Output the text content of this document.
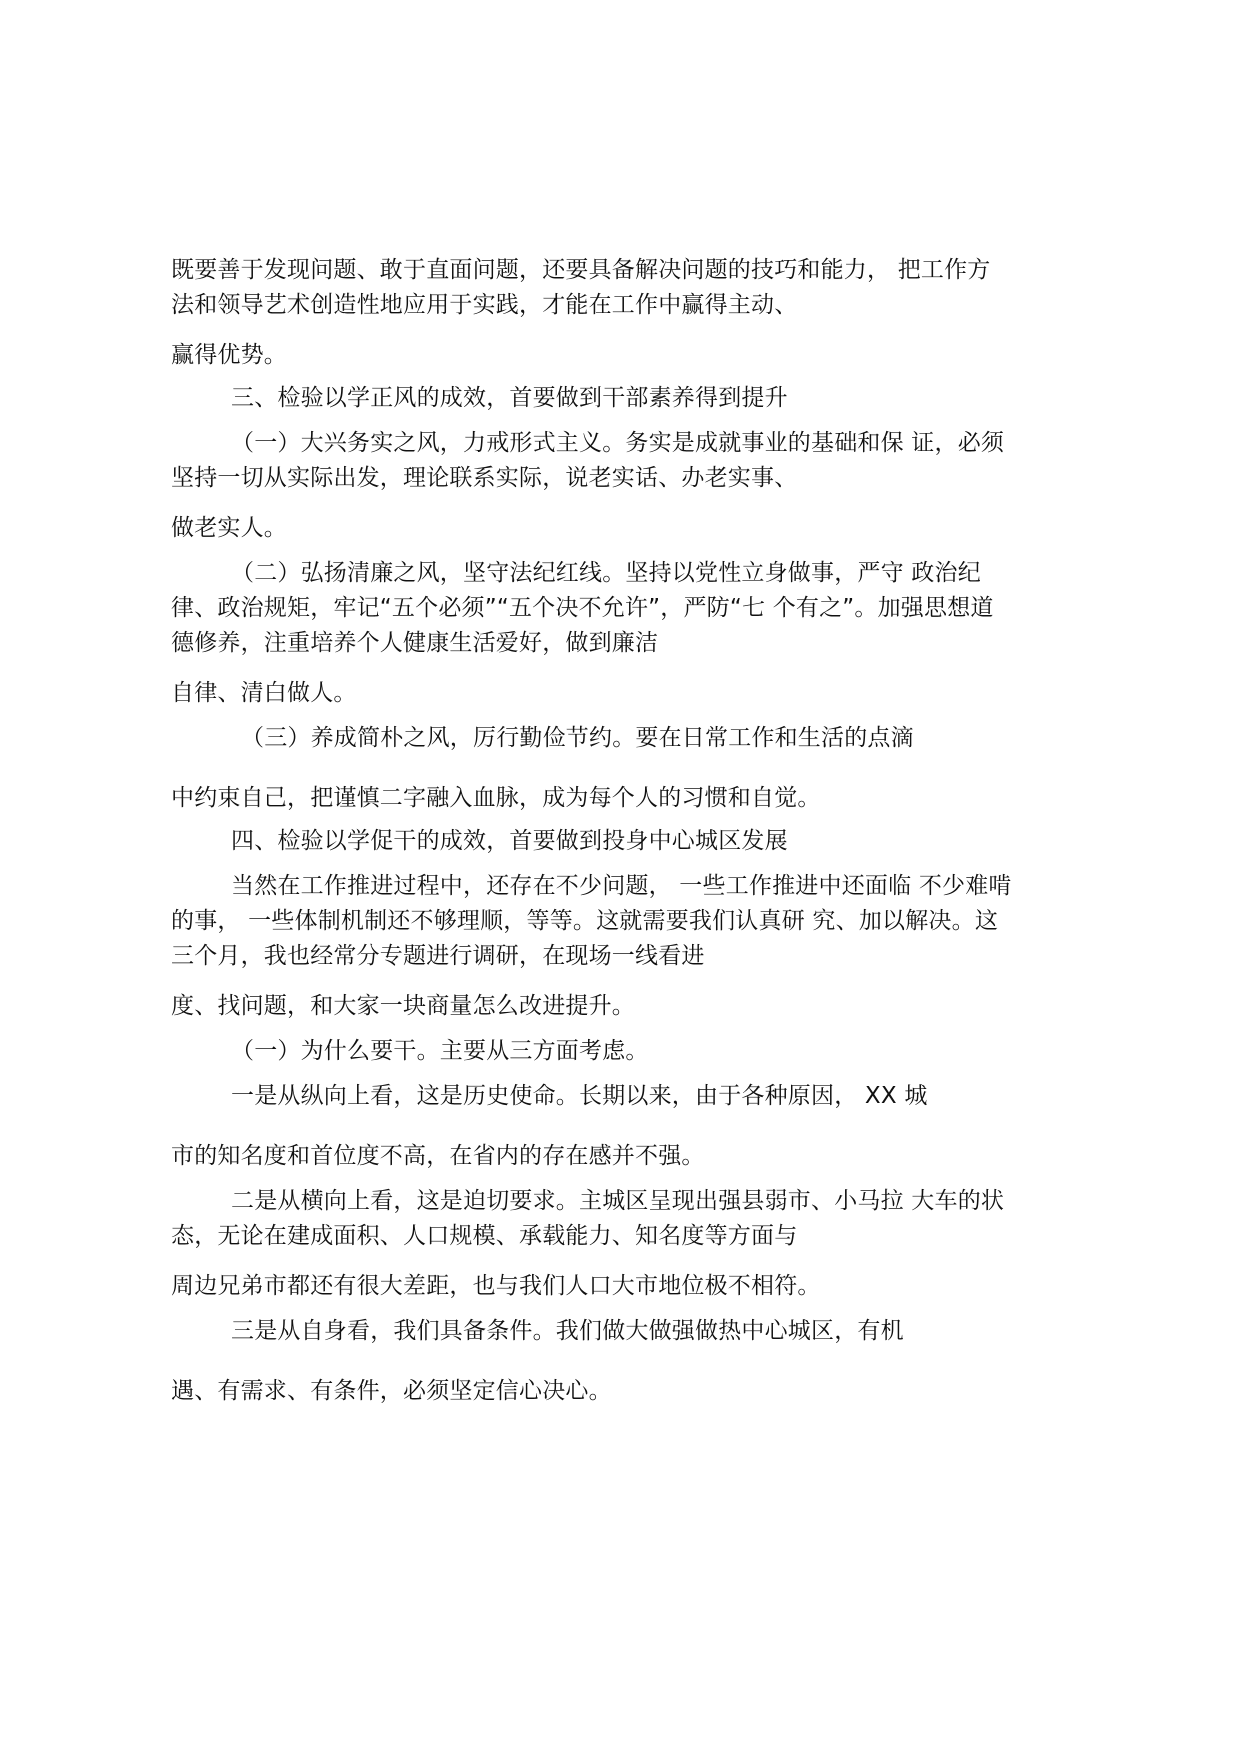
既要善于发现问题、敢于直面问题，还要具备解决问题的技巧和能力， 把工作方
法和领导艺术创造性地应用于实践，才能在工作中赢得主动、
赢得优势。
三、检验以学正风的成效，首要做到干部素养得到提升
（一）大兴务实之风，力戒形式主义。务实是成就事业的基础和保 证，必须
坚持一切从实际出发，理论联系实际，说老实话、办老实事、
做老实人。
（二）弘扬清廉之风，坚守法纪红线。坚持以党性立身做事，严守 政治纪
律、政治规矩，牢记“五个必须”“五个决不允许”，严防“七 个有之”。加强思想道
德修养，注重培养个人健康生活爱好，做到廉洁
自律、清白做人。
（三）养成简朴之风，厉行勤俭节约。要在日常工作和生活的点滴
中约束自己，把谨慎二字融入血脉，成为每个人的习惯和自觉。
四、检验以学促干的成效，首要做到投身中心城区发展
当然在工作推进过程中，还存在不少问题， 一些工作推进中还面临 不少难啃
的事， 一些体制机制还不够理顺，等等。这就需要我们认真研 究、加以解决。这
三个月，我也经常分专题进行调研，在现场一线看进
度、找问题，和大家一块商量怎么改进提升。
（一）为什么要干。主要从三方面考虑。
一是从纵向上看，这是历史使命。长期以来，由于各种原因， XX 城
市的知名度和首位度不高，在省内的存在感并不强。
二是从横向上看，这是迫切要求。主城区呈现出强县弱市、小马拉 大车的状
态，无论在建成面积、人口规模、承载能力、知名度等方面与
周边兄弟市都还有很大差距，也与我们人口大市地位极不相符。
三是从自身看，我们具备条件。我们做大做强做热中心城区，有机
遇、有需求、有条件，必须坚定信心决心。
